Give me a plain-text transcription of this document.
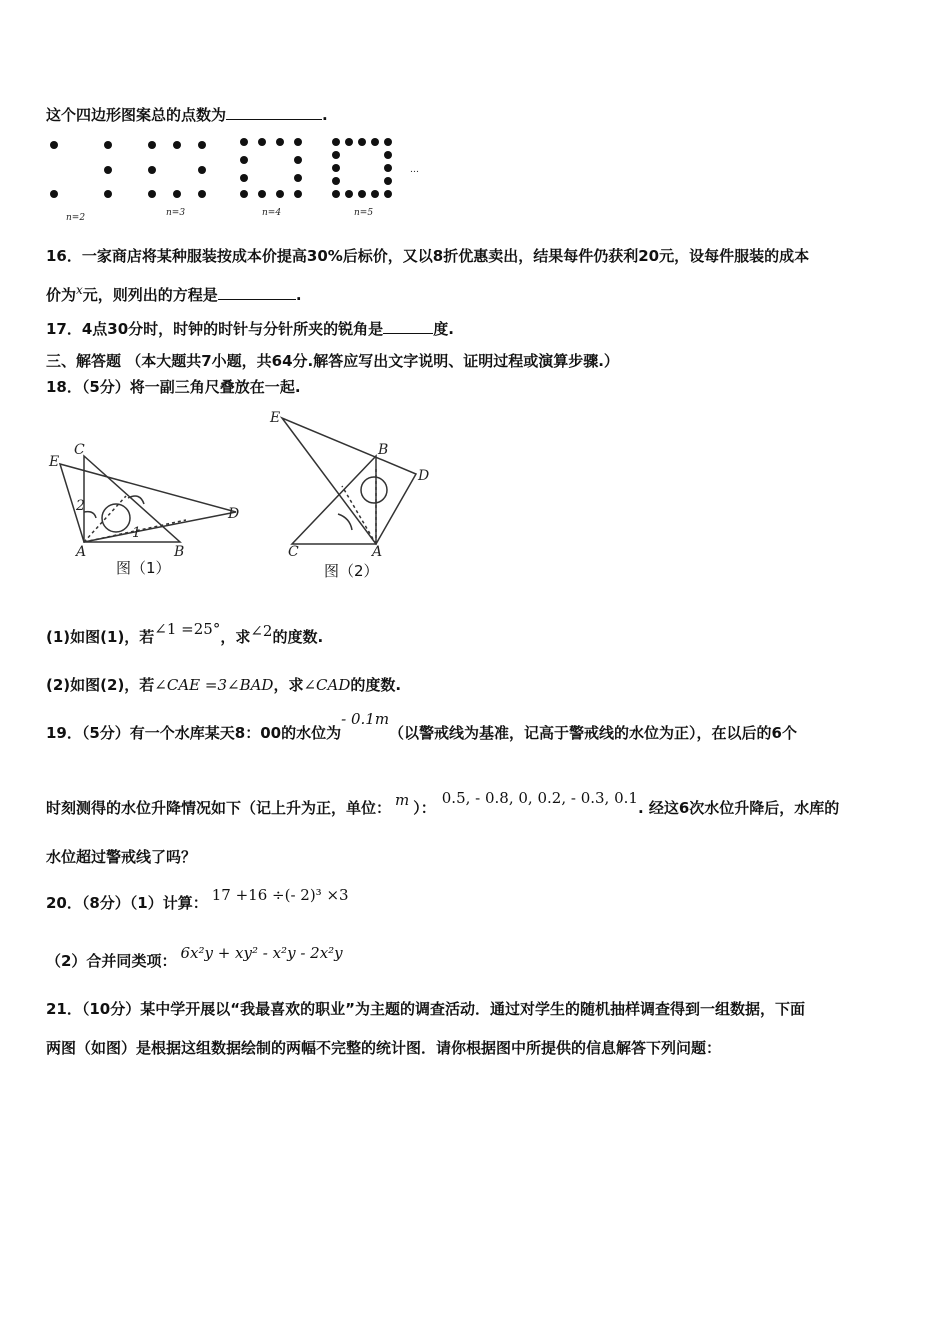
这个四边形图案总的点数为	.
n=2	n=3	n=4	n=5
…
16．一家商店将某种服装按成本价提高30%后标价，又以8折优惠卖出，结果每件仍获利20元，设每件服装的成本
价为$^x$元，则列出的方程是	.
17．4点30分时，时钟的时针与分针所夹的锐角是	度.
三、解答题 （本大题共7小题，共64分.解答应写出文字说明、证明过程或演算步骤.）
18．（5分）将一副三角尺叠放在一起.
E
C
2
1
A	B
D
图（1）
E
B
D
C	A
图（2）
(1)如图(1)，若∠1 =25°，求∠2的度数.
(2)如图(2)，若∠CAE =3∠BAD，求∠CAD的度数.
19．（5分）有一个水库某天8：00的水位为- 0.1m（以警戒线为基准，记高于警戒线的水位为正），在以后的6个
时刻测得的水位升降情况如下（记上升为正，单位： m ）：0.5, - 0.8, 0, 0.2, - 0.3, 0.1. 经这6次水位升降后，水库的
水位超过警戒线了吗？
20．（8分）（1）计算： 17 +16 ÷(- 2)³ ×3
（2）合并同类项： 6x²y + xy² - x²y - 2x²y
21．（10分）某中学开展以“我最喜欢的职业”为主题的调查活动．通过对学生的随机抽样调查得到一组数据，下面
两图（如图）是根据这组数据绘制的两幅不完整的统计图．请你根据图中所提供的信息解答下列问题：
